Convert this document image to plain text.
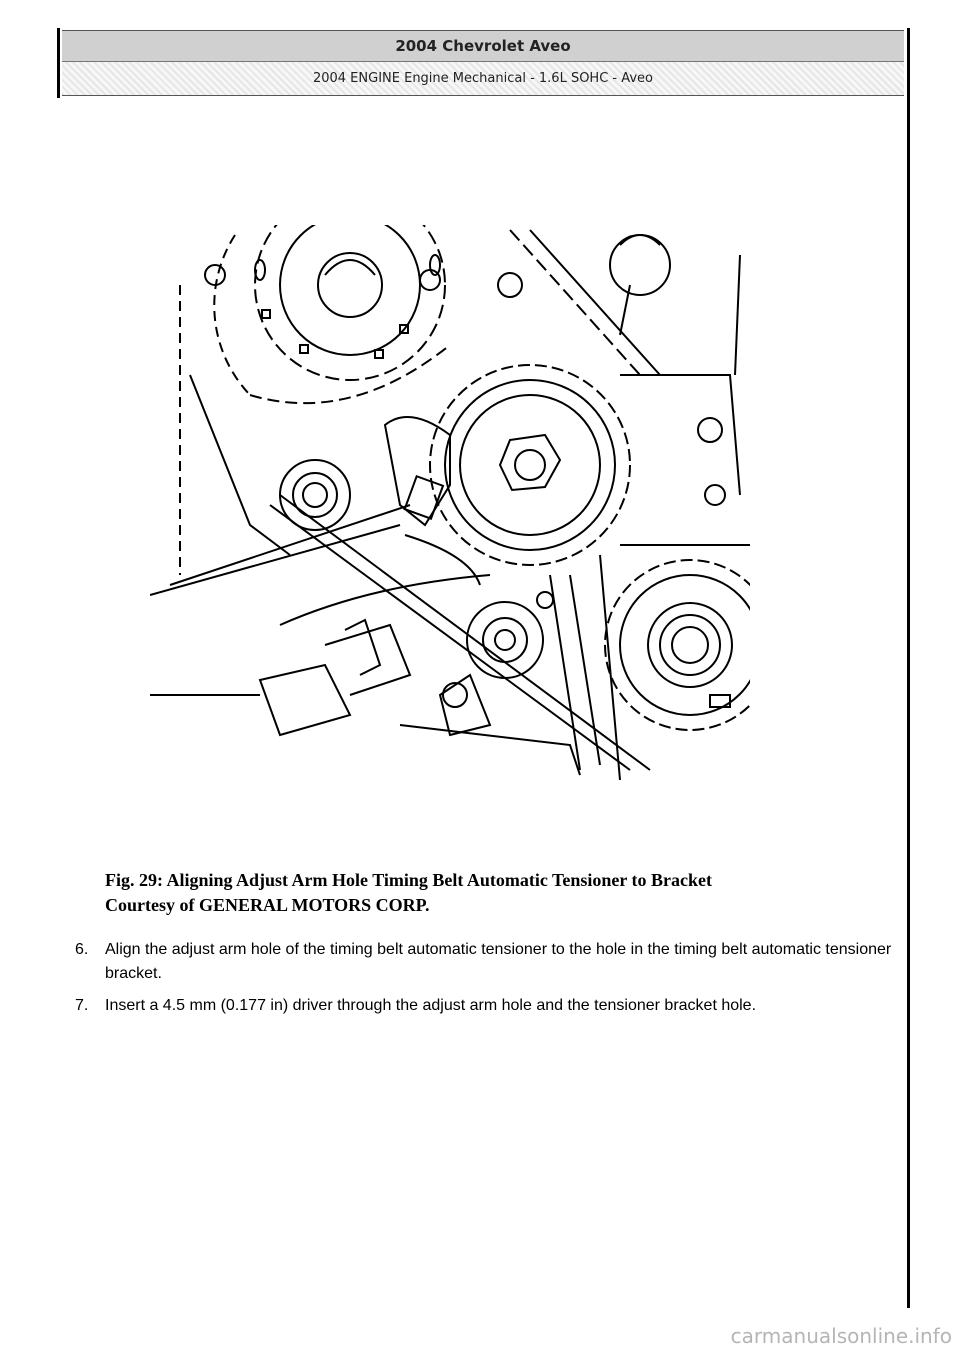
2004 Chevrolet Aveo
2004 ENGINE Engine Mechanical - 1.6L SOHC - Aveo
Fig. 29: Aligning Adjust Arm Hole Timing Belt Automatic Tensioner to Bracket
Courtesy of GENERAL MOTORS CORP.
6.	Align the adjust arm hole of the timing belt automatic tensioner to the hole in the timing belt automatic tensioner bracket.
7.	Insert a 4.5 mm (0.177 in) driver through the adjust arm hole and the tensioner bracket hole.
carmanualsonline.info
